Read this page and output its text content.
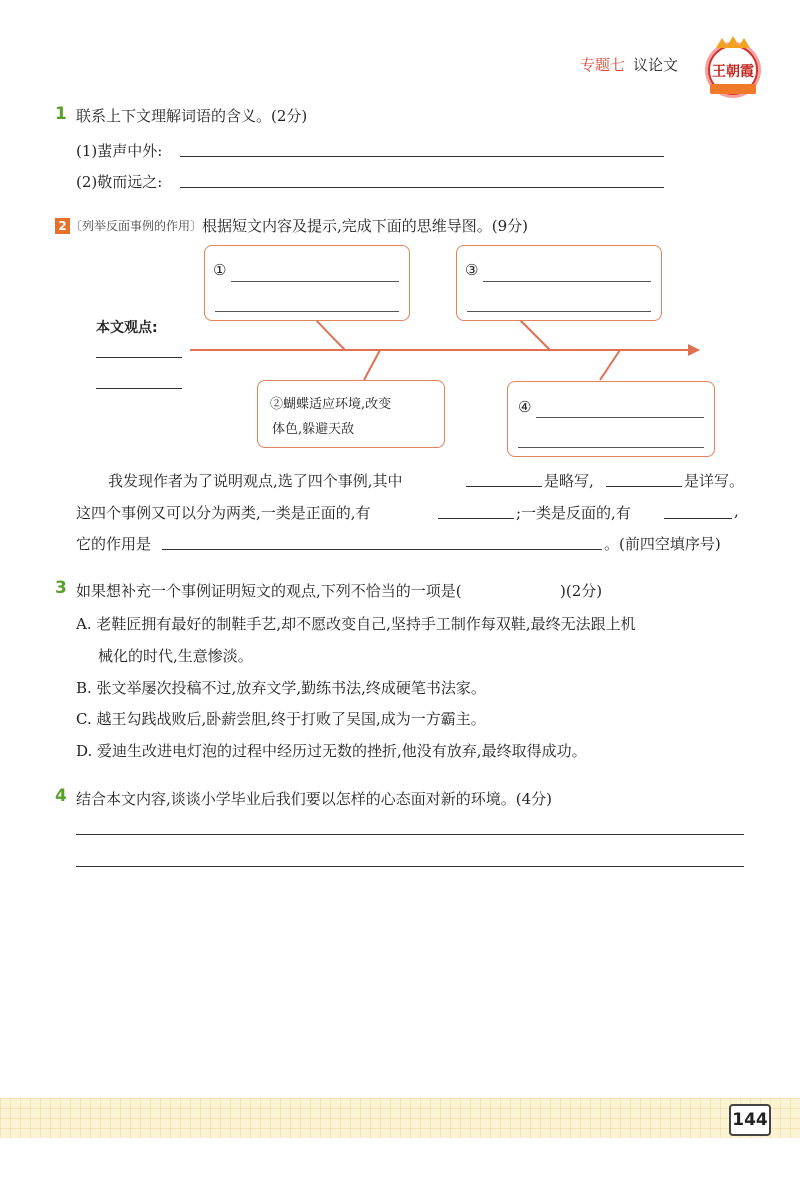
专题七 议论文 王朝霞
1 联系上下文理解词语的含义。(2分)
(1)蜚声中外:
(2)敬而远之:
2 〔列举反面事例的作用〕根据短文内容及提示,完成下面的思维导图。(9分)
本文观点:
①	③
②蝴蝶适应环境,改变
体色,躲避天敌
④
我发现作者为了说明观点,选了四个事例,其中	是略写,	是详写。
这四个事例又可以分为两类,一类是正面的,有	;一类是反面的,有	,
它的作用是	。(前四空填序号)
3 如果想补充一个事例证明短文的观点,下列不恰当的一项是(	)(2分)
A. 老鞋匠拥有最好的制鞋手艺,却不愿改变自己,坚持手工制作每双鞋,最终无法跟上机
械化的时代,生意惨淡。
B. 张文举屡次投稿不过,放弃文学,勤练书法,终成硬笔书法家。
C. 越王勾践战败后,卧薪尝胆,终于打败了吴国,成为一方霸主。
D. 爱迪生改进电灯泡的过程中经历过无数的挫折,他没有放弃,最终取得成功。
4 结合本文内容,谈谈小学毕业后我们要以怎样的心态面对新的环境。(4分)
144
